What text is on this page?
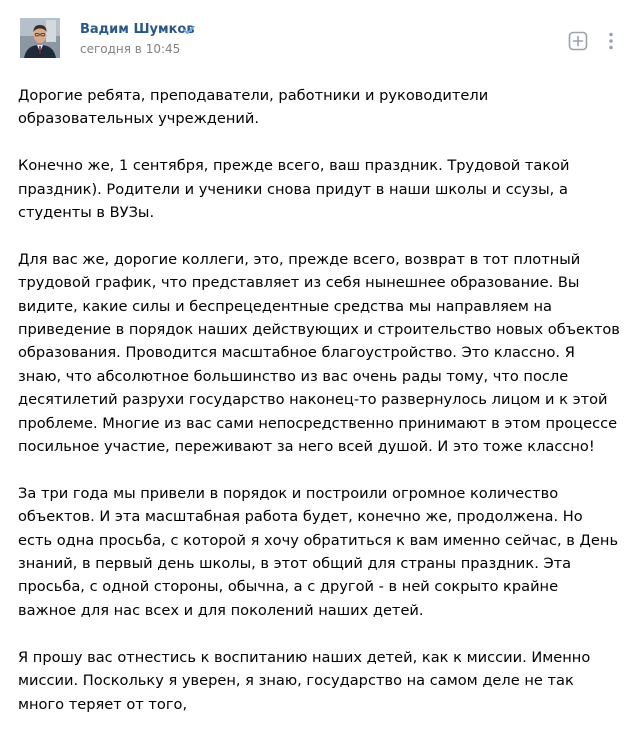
Вадим Шумков
сегодня в 10:45

Дорогие ребята, преподаватели, работники и руководители образовательных учреждений.

Конечно же, 1 сентября, прежде всего, ваш праздник. Трудовой такой праздник). Родители и ученики снова придут в наши школы и ссузы, а студенты в ВУЗы.

Для вас же, дорогие коллеги, это, прежде всего, возврат в тот плотный трудовой график, что представляет из себя нынешнее образование. Вы видите, какие силы и беспрецедентные средства мы направляем на приведение в порядок наших действующих и строительство новых объектов образования. Проводится масштабное благоустройство. Это классно. Я знаю, что абсолютное большинство из вас очень рады тому, что после десятилетий разрухи государство наконец-то развернулось лицом и к этой проблеме. Многие из вас сами непосредственно принимают в этом процессе посильное участие, переживают за него всей душой. И это тоже классно!

За три года мы привели в порядок и построили огромное количество объектов. И эта масштабная работа будет, конечно же, продолжена. Но есть одна просьба, с которой я хочу обратиться к вам именно сейчас, в День знаний, в первый день школы, в этот общий для страны праздник. Эта просьба, с одной стороны, обычна, а с другой - в ней сокрыто крайне важное для нас всех и для поколений наших детей.

Я прошу вас отнестись к воспитанию наших детей, как к миссии. Именно миссии. Поскольку я уверен, я знаю, государство на самом деле не так много теряет от того,
